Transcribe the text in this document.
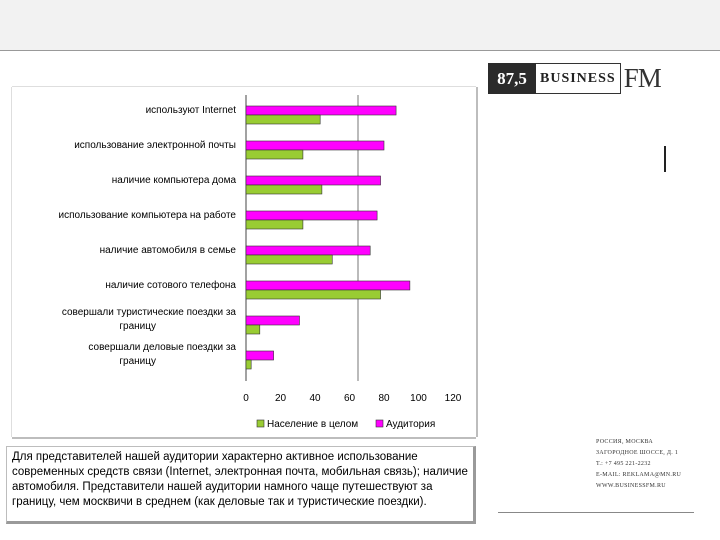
87,5 BUSINESS FM
используют Internet
использование электронной почты
наличие компьютера дома
использование компьютера на работе
наличие автомобиля в семье
наличие сотового телефона
совершали туристические поездки за границу
совершали деловые поездки за границу
0	20 40 60 80 100 120
Население в целом	Аудитория
Для представителей нашей аудитории характерно активное использование современных средств связи (Internet, электронная почта, мобильная связь); наличие автомобиля. Представители нашей аудитории намного чаще путешествуют за границу, чем москвичи в среднем (как деловые так и туристические поездки).
РОССИЯ, МОСКВА
ЗАГОРОДНОЕ ШОССЕ, Д. 1
Т.: +7 495 221-2232
E-MAIL: REKLAMA@MN.RU
WWW.BUSINESSFM.RU
